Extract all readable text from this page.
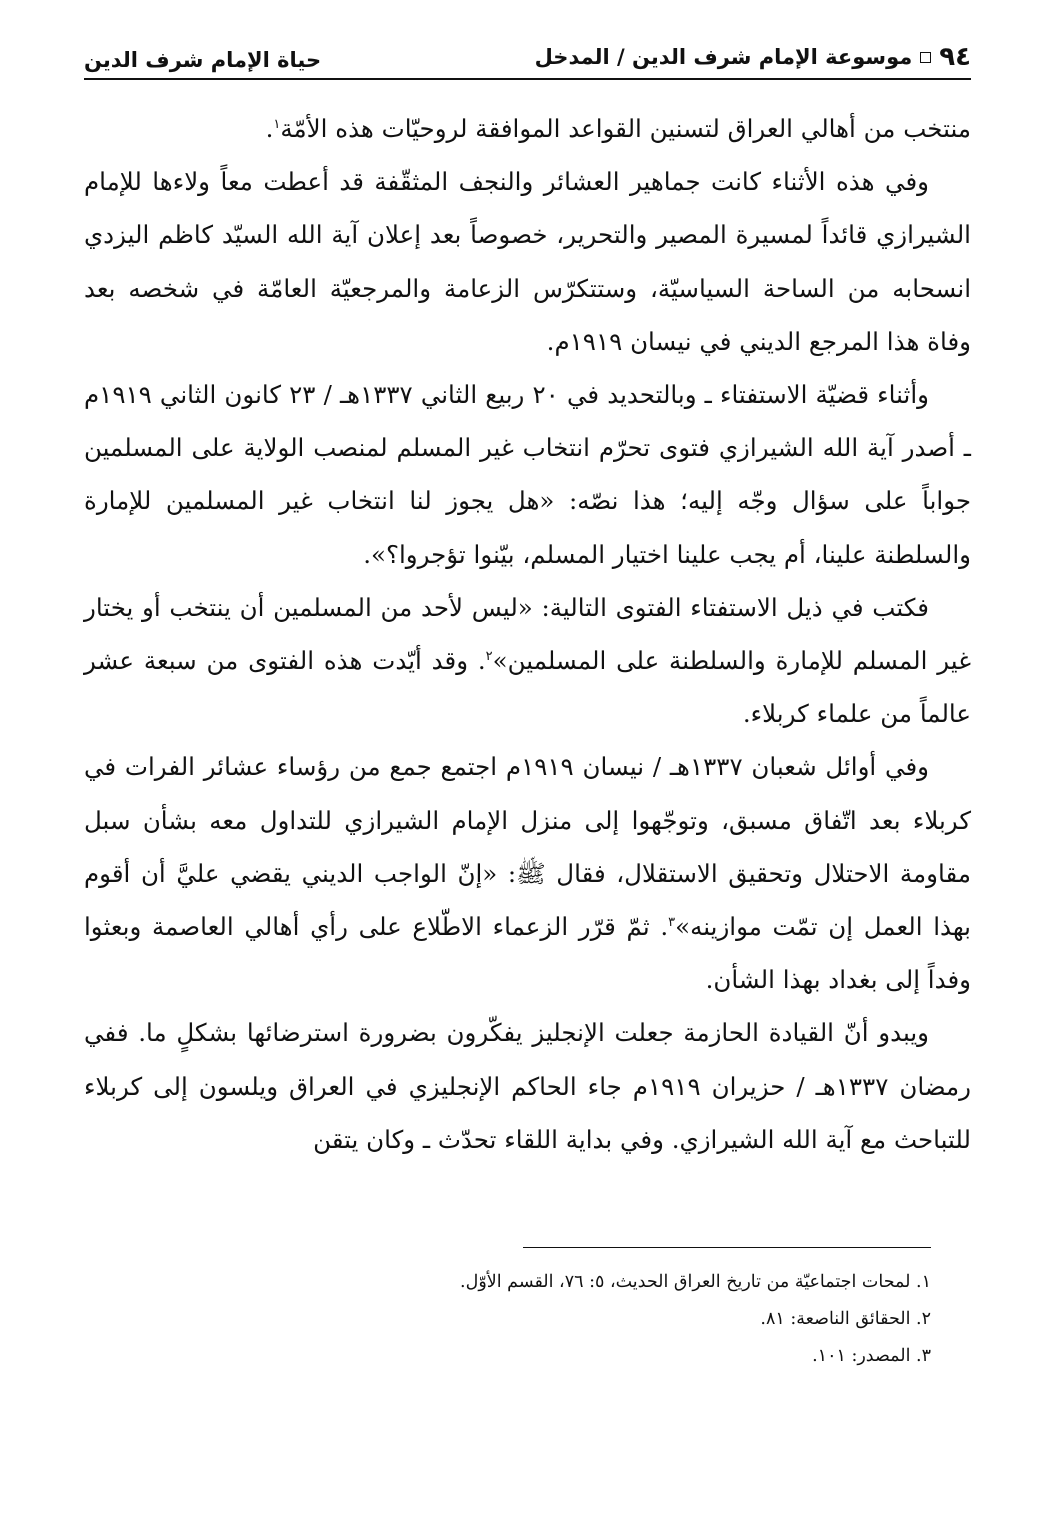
٩٤
موسوعة الإمام شرف الدين / المدخل
حياة الإمام شرف الدين

منتخب من أهالي العراق لتسنين القواعد الموافقة لروحيّات هذه الأمّة$^١$.

وفي هذه الأثناء كانت جماهير العشائر والنجف المثقّفة قد أعطت معاً ولاءها للإمام الشيرازي قائداً لمسيرة المصير والتحرير، خصوصاً بعد إعلان آية الله السيّد كاظم اليزدي انسحابه من الساحة السياسيّة، وستتكرّس الزعامة والمرجعيّة العامّة في شخصه بعد وفاة هذا المرجع الديني في نيسان ١٩١٩م.

وأثناء قضيّة الاستفتاء ـ وبالتحديد في ٢٠ ربيع الثاني ١٣٣٧هـ / ٢٣ كانون الثاني ١٩١٩م ـ أصدر آية الله الشيرازي فتوى تحرّم انتخاب غير المسلم لمنصب الولاية على المسلمين جواباً على سؤال وجّه إليه؛ هذا نصّه: «هل يجوز لنا انتخاب غير المسلمين للإمارة والسلطنة علينا، أم يجب علينا اختيار المسلم، بيّنوا تؤجروا؟».

فكتب في ذيل الاستفتاء الفتوى التالية: «ليس لأحد من المسلمين أن ينتخب أو يختار غير المسلم للإمارة والسلطنة على المسلمين»$^٢$. وقد أيّدت هذه الفتوى من سبعة عشر عالماً من علماء كربلاء.

وفي أوائل شعبان ١٣٣٧هـ / نيسان ١٩١٩م اجتمع جمع من رؤساء عشائر الفرات في كربلاء بعد اتّفاق مسبق، وتوجّهوا إلى منزل الإمام الشيرازي للتداول معه بشأن سبل مقاومة الاحتلال وتحقيق الاستقلال، فقال ﷺ: «إنّ الواجب الديني يقضي عليَّ أن أقوم بهذا العمل إن تمّت موازينه»$^٣$. ثمّ قرّر الزعماء الاطّلاع على رأي أهالي العاصمة وبعثوا وفداً إلى بغداد بهذا الشأن.

ويبدو أنّ القيادة الحازمة جعلت الإنجليز يفكّرون بضرورة استرضائها بشكلٍ ما. ففي رمضان ١٣٣٧هـ / حزيران ١٩١٩م جاء الحاكم الإنجليزي في العراق ويلسون إلى كربلاء للتباحث مع آية الله الشيرازي. وفي بداية اللقاء تحدّث ـ وكان يتقن

١. لمحات اجتماعيّة من تاريخ العراق الحديث، ٥: ٧٦، القسم الأوّل.
٢. الحقائق الناصعة: ٨١.
٣. المصدر: ١٠١.
